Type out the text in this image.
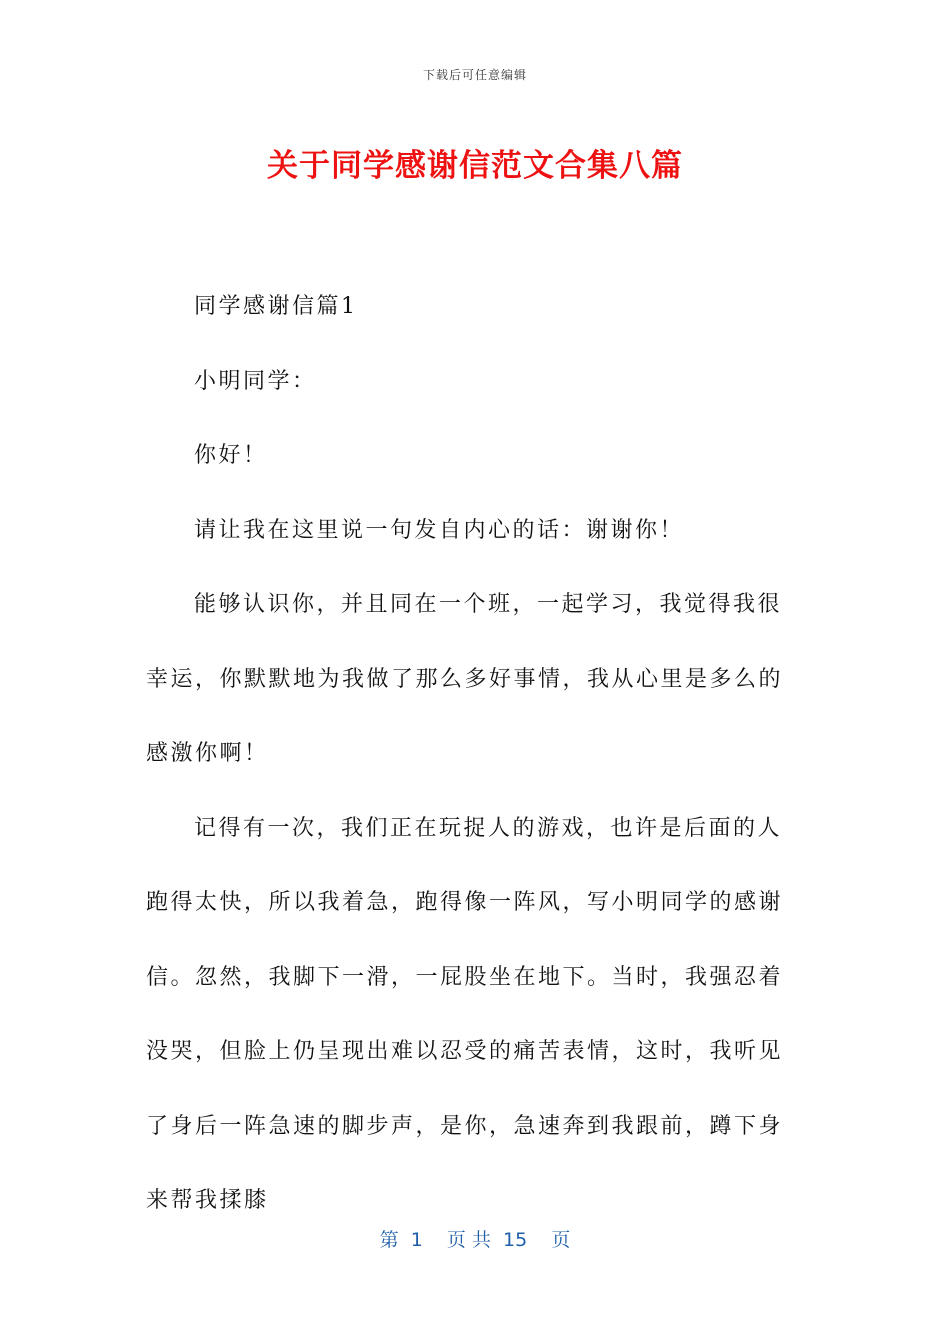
下载后可任意编辑
关于同学感谢信范文合集八篇

同学感谢信篇1

小明同学：

你好！

请让我在这里说一句发自内心的话：谢谢你！

能够认识你，并且同在一个班，一起学习，我觉得我很幸运，你默默地为我做了那么多好事情，我从心里是多么的感激你啊！

记得有一次，我们正在玩捉人的游戏，也许是后面的人跑得太快，所以我着急，跑得像一阵风，写小明同学的感谢信。忽然，我脚下一滑，一屁股坐在地下。当时，我强忍着没哭，但脸上仍呈现出难以忍受的痛苦表情，这时，我听见了身后一阵急速的脚步声，是你，急速奔到我跟前，蹲下身来帮我揉膝

第  1    页 共  15    页
